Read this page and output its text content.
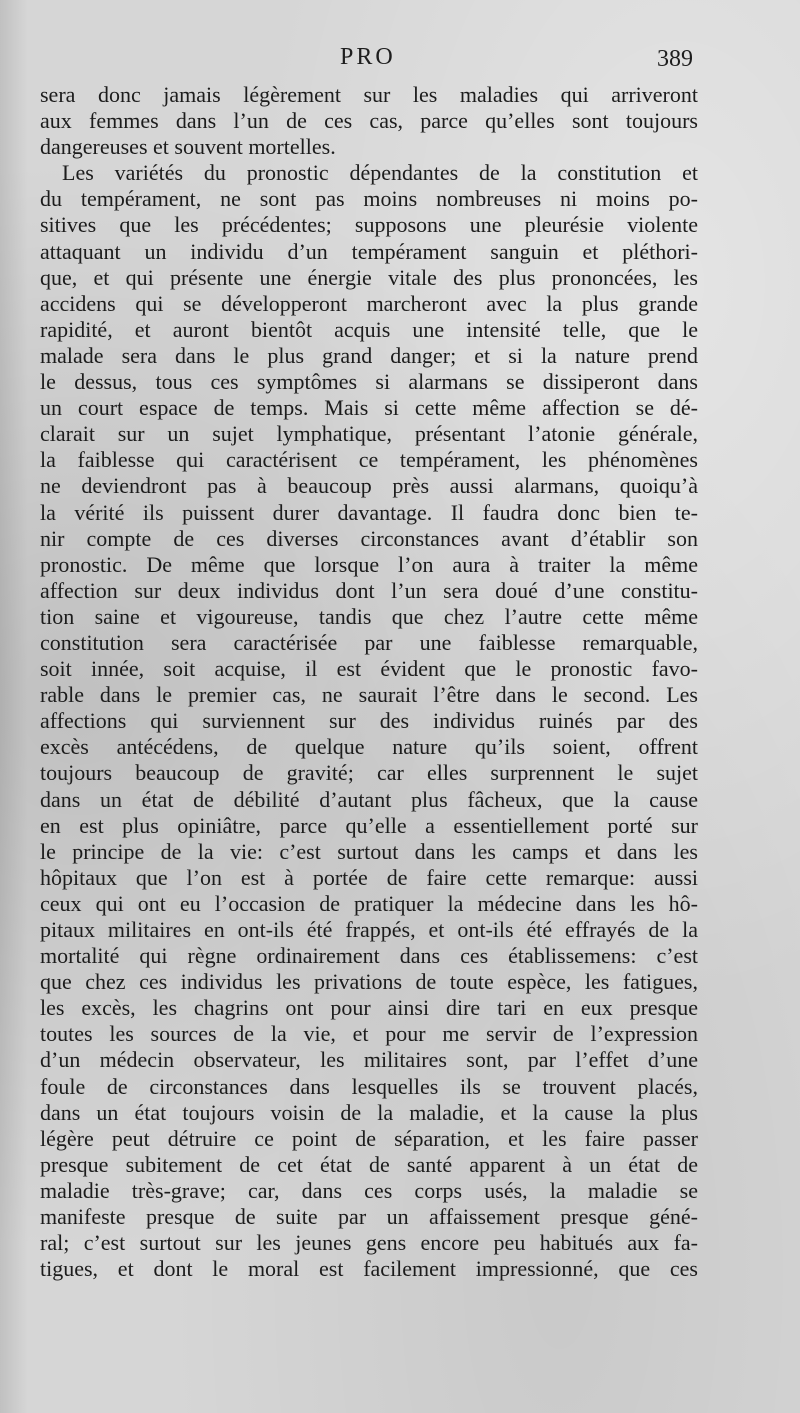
PRO	389
sera donc jamais légèrement sur les maladies qui arriveront
aux femmes dans l’un de ces cas, parce qu’elles sont toujours
dangereuses et souvent mortelles.
Les variétés du pronostic dépendantes de la constitution et
du tempérament, ne sont pas moins nombreuses ni moins po-
sitives que les précédentes; supposons une pleurésie violente
attaquant un individu d’un tempérament sanguin et pléthori-
que, et qui présente une énergie vitale des plus prononcées, les
accidens qui se développeront marcheront avec la plus grande
rapidité, et auront bientôt acquis une intensité telle, que le
malade sera dans le plus grand danger; et si la nature prend
le dessus, tous ces symptômes si alarmans se dissiperont dans
un court espace de temps. Mais si cette même affection se dé-
clarait sur un sujet lymphatique, présentant l’atonie générale,
la faiblesse qui caractérisent ce tempérament, les phénomènes
ne deviendront pas à beaucoup près aussi alarmans, quoiqu’à
la vérité ils puissent durer davantage. Il faudra donc bien te-
nir compte de ces diverses circonstances avant d’établir son
pronostic. De même que lorsque l’on aura à traiter la même
affection sur deux individus dont l’un sera doué d’une constitu-
tion saine et vigoureuse, tandis que chez l’autre cette même
constitution sera caractérisée par une faiblesse remarquable,
soit innée, soit acquise, il est évident que le pronostic favo-
rable dans le premier cas, ne saurait l’être dans le second. Les
affections qui surviennent sur des individus ruinés par des
excès antécédens, de quelque nature qu’ils soient, offrent
toujours beaucoup de gravité; car elles surprennent le sujet
dans un état de débilité d’autant plus fâcheux, que la cause
en est plus opiniâtre, parce qu’elle a essentiellement porté sur
le principe de la vie: c’est surtout dans les camps et dans les
hôpitaux que l’on est à portée de faire cette remarque: aussi
ceux qui ont eu l’occasion de pratiquer la médecine dans les hô-
pitaux militaires en ont-ils été frappés, et ont-ils été effrayés de la
mortalité qui règne ordinairement dans ces établissemens: c’est
que chez ces individus les privations de toute espèce, les fatigues,
les excès, les chagrins ont pour ainsi dire tari en eux presque
toutes les sources de la vie, et pour me servir de l’expression
d’un médecin observateur, les militaires sont, par l’effet d’une
foule de circonstances dans lesquelles ils se trouvent placés,
dans un état toujours voisin de la maladie, et la cause la plus
légère peut détruire ce point de séparation, et les faire passer
presque subitement de cet état de santé apparent à un état de
maladie très-grave; car, dans ces corps usés, la maladie se
manifeste presque de suite par un affaissement presque géné-
ral; c’est surtout sur les jeunes gens encore peu habitués aux fa-
tigues, et dont le moral est facilement impressionné, que ces
